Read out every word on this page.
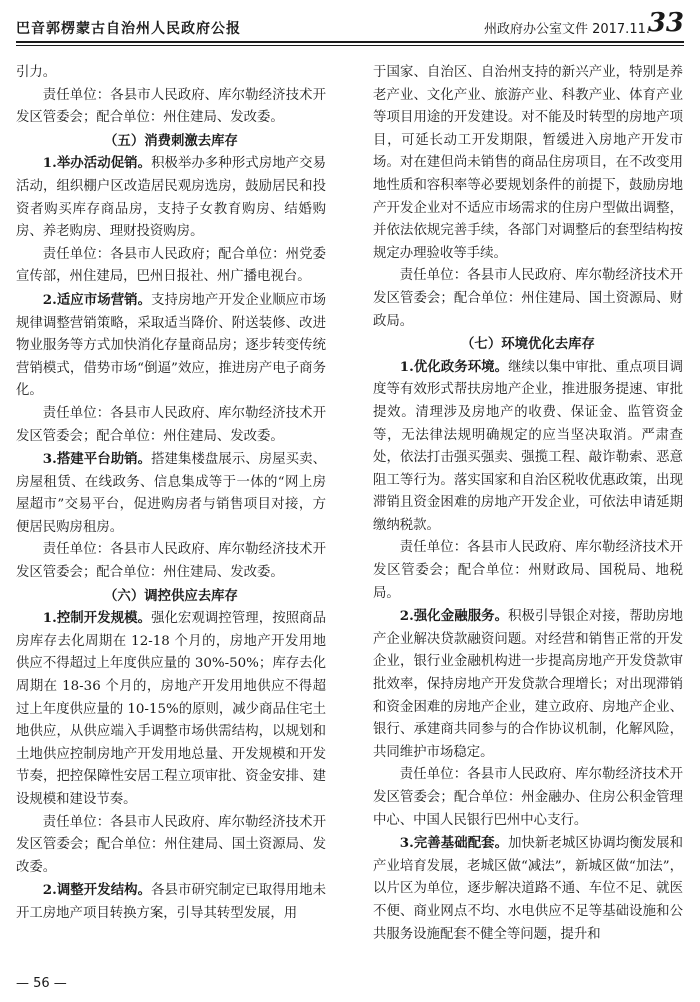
巴音郭楞蒙古自治州人民政府公报	州政府办公室文件 2017.11.
33

引力。

责任单位：各县市人民政府、库尔勒经济技术开发区管委会；配合单位：州住建局、发改委。

（五）消费刺激去库存

1.举办活动促销。积极举办多种形式房地产交易活动，组织棚户区改造居民观房选房，鼓励居民和投资者购买库存商品房，支持子女教育购房、结婚购房、养老购房、理财投资购房。

责任单位：各县市人民政府；配合单位：州党委宣传部，州住建局，巴州日报社、州广播电视台。

2.适应市场营销。支持房地产开发企业顺应市场规律调整营销策略，采取适当降价、附送装修、改进物业服务等方式加快消化存量商品房；逐步转变传统营销模式，借势市场“倒逼”效应，推进房产电子商务化。

责任单位：各县市人民政府、库尔勒经济技术开发区管委会；配合单位：州住建局、发改委。

3.搭建平台助销。搭建集楼盘展示、房屋买卖、房屋租赁、在线政务、信息集成等于一体的“网上房屋超市”交易平台，促进购房者与销售项目对接，方便居民购房租房。

责任单位：各县市人民政府、库尔勒经济技术开发区管委会；配合单位：州住建局、发改委。

（六）调控供应去库存

1.控制开发规模。强化宏观调控管理，按照商品房库存去化周期在 12-18 个月的，房地产开发用地供应不得超过上年度供应量的 30%-50%；库存去化周期在 18-36 个月的，房地产开发用地供应不得超过上年度供应量的 10-15%的原则，减少商品住宅土地供应，从供应端入手调整市场供需结构，以规划和土地供应控制房地产开发用地总量、开发规模和开发节奏，把控保障性安居工程立项审批、资金安排、建设规模和建设节奏。

责任单位：各县市人民政府、库尔勒经济技术开发区管委会；配合单位：州住建局、国土资源局、发改委。

2.调整开发结构。各县市研究制定已取得用地未开工房地产项目转换方案，引导其转型发展，用

于国家、自治区、自治州支持的新兴产业，特别是养老产业、文化产业、旅游产业、科教产业、体育产业等项目用途的开发建设。对不能及时转型的房地产项目，可延长动工开发期限，暂缓进入房地产开发市场。对在建但尚未销售的商品住房项目，在不改变用地性质和容积率等必要规划条件的前提下，鼓励房地产开发企业对不适应市场需求的住房户型做出调整，并依法依规完善手续，各部门对调整后的套型结构按规定办理验收等手续。

责任单位：各县市人民政府、库尔勒经济技术开发区管委会；配合单位：州住建局、国土资源局、财政局。

（七）环境优化去库存

1.优化政务环境。继续以集中审批、重点项目调度等有效形式帮扶房地产企业，推进服务提速、审批提效。清理涉及房地产的收费、保证金、监管资金等，无法律法规明确规定的应当坚决取消。严肃查处，依法打击强买强卖、强揽工程、敲诈勒索、恶意阻工等行为。落实国家和自治区税收优惠政策，出现滞销且资金困难的房地产开发企业，可依法申请延期缴纳税款。

责任单位：各县市人民政府、库尔勒经济技术开发区管委会；配合单位：州财政局、国税局、地税局。

2.强化金融服务。积极引导银企对接，帮助房地产企业解决贷款融资问题。对经营和销售正常的开发企业，银行业金融机构进一步提高房地产开发贷款审批效率，保持房地产开发贷款合理增长；对出现滞销和资金困难的房地产企业，建立政府、房地产企业、银行、承建商共同参与的合作协议机制，化解风险，共同维护市场稳定。

责任单位：各县市人民政府、库尔勒经济技术开发区管委会；配合单位：州金融办、住房公积金管理中心、中国人民银行巴州中心支行。

3.完善基础配套。加快新老城区协调均衡发展和产业培育发展，老城区做“减法”，新城区做“加法”，以片区为单位，逐步解决道路不通、车位不足、就医不便、商业网点不均、水电供应不足等基础设施和公共服务设施配套不健全等问题，提升和

— 56 —
